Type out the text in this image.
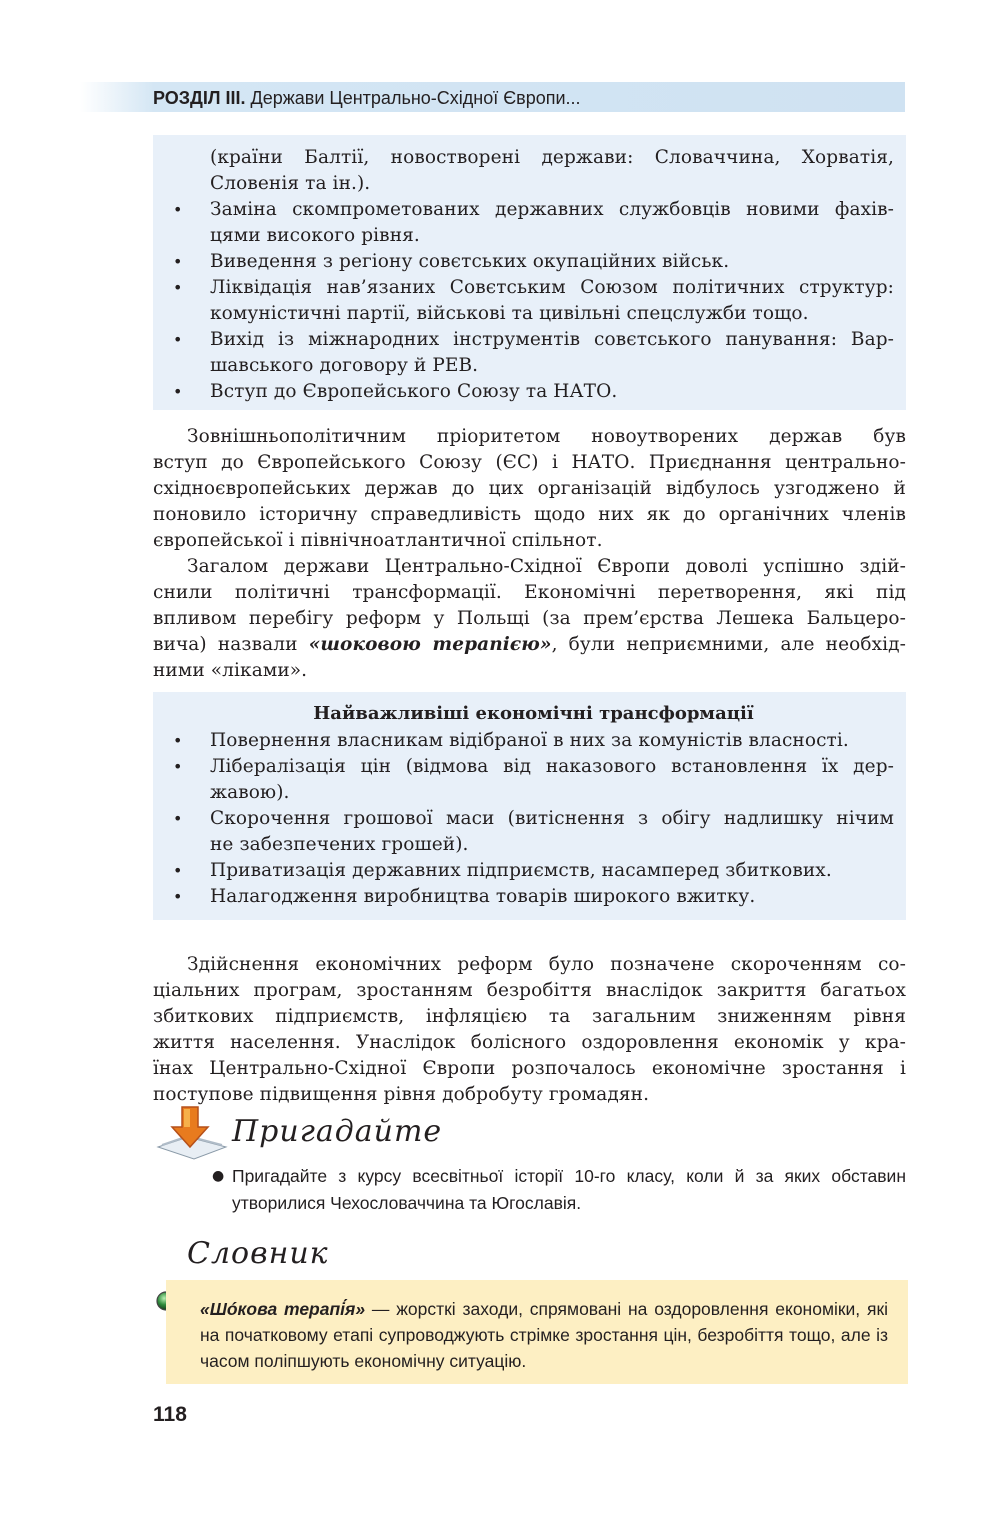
РОЗДІЛ ІІІ. Держави Центрально-Східної Європи...
(країни Балтії, новостворені держави: Словаччина, Хорватія,
Словенія та ін.).
•	Заміна скомпрометованих державних службовців новими фахів-
цями високого рівня.
•	Виведення з регіону совєтських окупаційних військ.
•	Ліквідація нав’язаних Совєтським Союзом політичних структур:
комуністичні партії, військові та цивільні спецслужби тощо.
•	Вихід із міжнародних інструментів совєтського панування: Вар-
шавського договору й РЕВ.
•	Вступ до Європейського Союзу та НАТО.
Зовнішньополітичним пріоритетом новоутворених держав був
вступ до Європейського Союзу (ЄС) і НАТО. Приєднання центрально-
східноєвропейських держав до цих організацій відбулось узгоджено й
поновило історичну справедливість щодо них як до органічних членів
європейської і північноатлантичної спільнот.
Загалом держави Центрально-Східної Європи доволі успішно здій-
снили політичні трансформації. Економічні перетворення, які під
впливом перебігу реформ у Польщі (за прем’єрства Лешека Бальцеро-
вича) назвали «шоковою терапією», були неприємними, але необхід-
ними «ліками».
Найважливіші економічні трансформації
•	Повернення власникам відібраної в них за комуністів власності.
•	Лібералізація цін (відмова від наказового встановлення їх дер-
жавою).
•	Скорочення грошової маси (витіснення з обігу надлишку нічим
не забезпечених грошей).
•	Приватизація державних підприємств, насамперед збиткових.
•	Налагодження виробництва товарів широкого вжитку.
Здійснення економічних реформ було позначене скороченням со-
ціальних програм, зростанням безробіття внаслідок закриття багатьох
збиткових підприємств, інфляцією та загальним зниженням рівня
життя населення. Унаслідок болісного оздоровлення економік у кра-
їнах Центрально-Східної Європи розпочалось економічне зростання і
поступове підвищення рівня добробуту громадян.
Пригадайте
● Пригадайте з курсу всесвітньої історії 10-го класу, коли й за яких обставин утворилися Чехословаччина та Югославія.
Словник
«Шóкова терапі́я» — жорсткі заходи, спрямовані на оздоровлення економіки, які на початковому етапі супроводжують стрімке зростання цін, безробіття тощо, але із часом поліпшують економічну ситуацію.
118
